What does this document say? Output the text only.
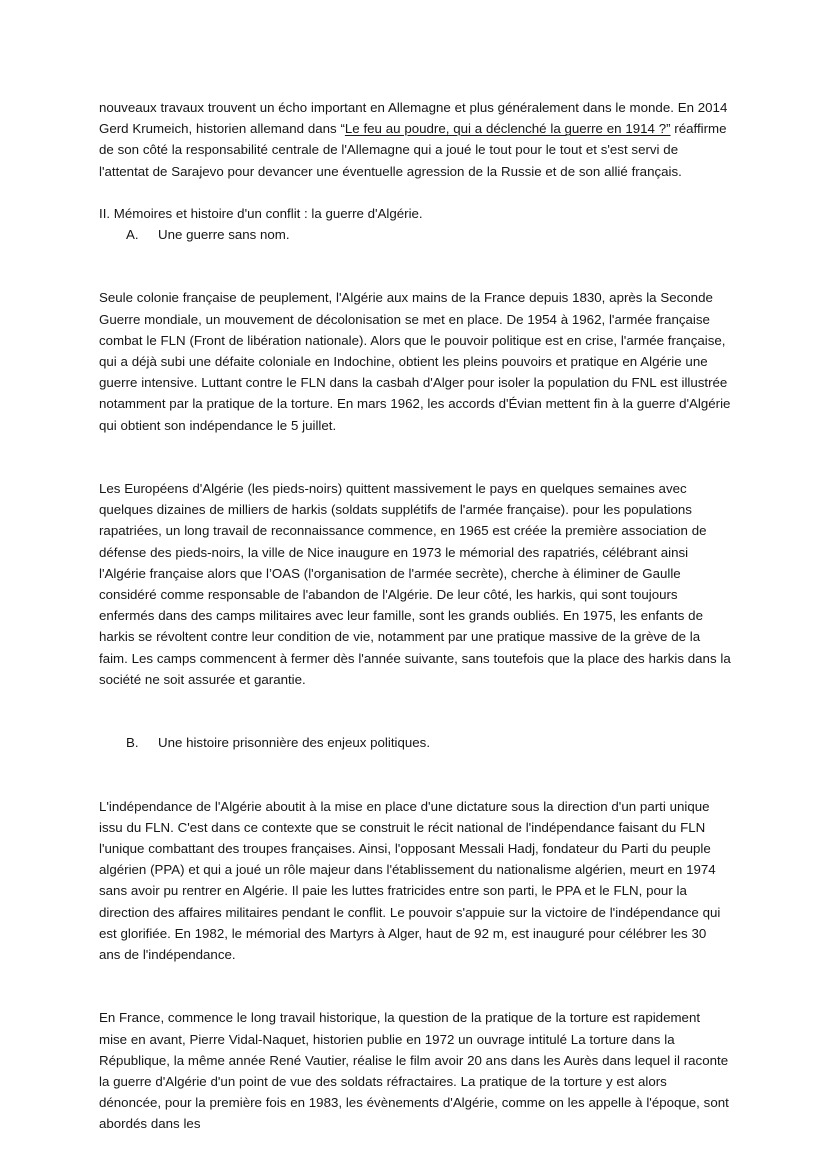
nouveaux travaux trouvent un écho important en Allemagne et plus généralement dans le monde. En 2014 Gerd Krumeich, historien allemand dans “Le feu au poudre, qui a déclenché la guerre en 1914 ?” réaffirme de son côté la responsabilité centrale de l'Allemagne qui a joué le tout pour le tout et s'est servi de l'attentat de Sarajevo pour devancer une éventuelle agression de la Russie et de son allié français.

II. Mémoires et histoire d'un conflit : la guerre d'Algérie.

A. Une guerre sans nom.

Seule colonie française de peuplement, l'Algérie aux mains de la France depuis 1830, après la Seconde Guerre mondiale, un mouvement de décolonisation se met en place. De 1954 à 1962, l'armée française combat le FLN (Front de libération nationale). Alors que le pouvoir politique est en crise, l'armée française, qui a déjà subi une défaite coloniale en Indochine, obtient les pleins pouvoirs et pratique en Algérie une guerre intensive. Luttant contre le FLN dans la casbah d'Alger pour isoler la population du FNL est illustrée notamment par la pratique de la torture. En mars 1962, les accords d'Évian mettent fin à la guerre d'Algérie qui obtient son indépendance le 5 juillet.

Les Européens d'Algérie (les pieds-noirs) quittent massivement le pays en quelques semaines avec quelques dizaines de milliers de harkis (soldats supplétifs de l'armée française). pour les populations rapatriées, un long travail de reconnaissance commence, en 1965 est créée la première association de défense des pieds-noirs, la ville de Nice inaugure en 1973 le mémorial des rapatriés, célébrant ainsi l'Algérie française alors que l’OAS (l'organisation de l'armée secrète), cherche à éliminer de Gaulle considéré comme responsable de l'abandon de l'Algérie. De leur côté, les harkis, qui sont toujours enfermés dans des camps militaires avec leur famille, sont les grands oubliés. En 1975, les enfants de harkis se révoltent contre leur condition de vie, notamment par une pratique massive de la grève de la faim. Les camps commencent à fermer dès l'année suivante, sans toutefois que la place des harkis dans la société ne soit assurée et garantie.

B. Une histoire prisonnière des enjeux politiques.

L'indépendance de l'Algérie aboutit à la mise en place d'une dictature sous la direction d'un parti unique issu du FLN. C'est dans ce contexte que se construit le récit national de l'indépendance faisant du FLN l'unique combattant des troupes françaises. Ainsi, l'opposant Messali Hadj, fondateur du Parti du peuple algérien (PPA) et qui a joué un rôle majeur dans l'établissement du nationalisme algérien, meurt en 1974 sans avoir pu rentrer en Algérie. Il paie les luttes fratricides entre son parti, le PPA et le FLN, pour la direction des affaires militaires pendant le conflit. Le pouvoir s'appuie sur la victoire de l'indépendance qui est glorifiée. En 1982, le mémorial des Martyrs à Alger, haut de 92 m, est inauguré pour célébrer les 30 ans de l'indépendance.

En France, commence le long travail historique, la question de la pratique de la torture est rapidement mise en avant, Pierre Vidal-Naquet, historien publie en 1972 un ouvrage intitulé La torture dans la République, la même année René Vautier, réalise le film avoir 20 ans dans les Aurès dans lequel il raconte la guerre d'Algérie d'un point de vue des soldats réfractaires. La pratique de la torture y est alors dénoncée, pour la première fois en 1983, les évènements d'Algérie, comme on les appelle à l'époque, sont abordés dans les
